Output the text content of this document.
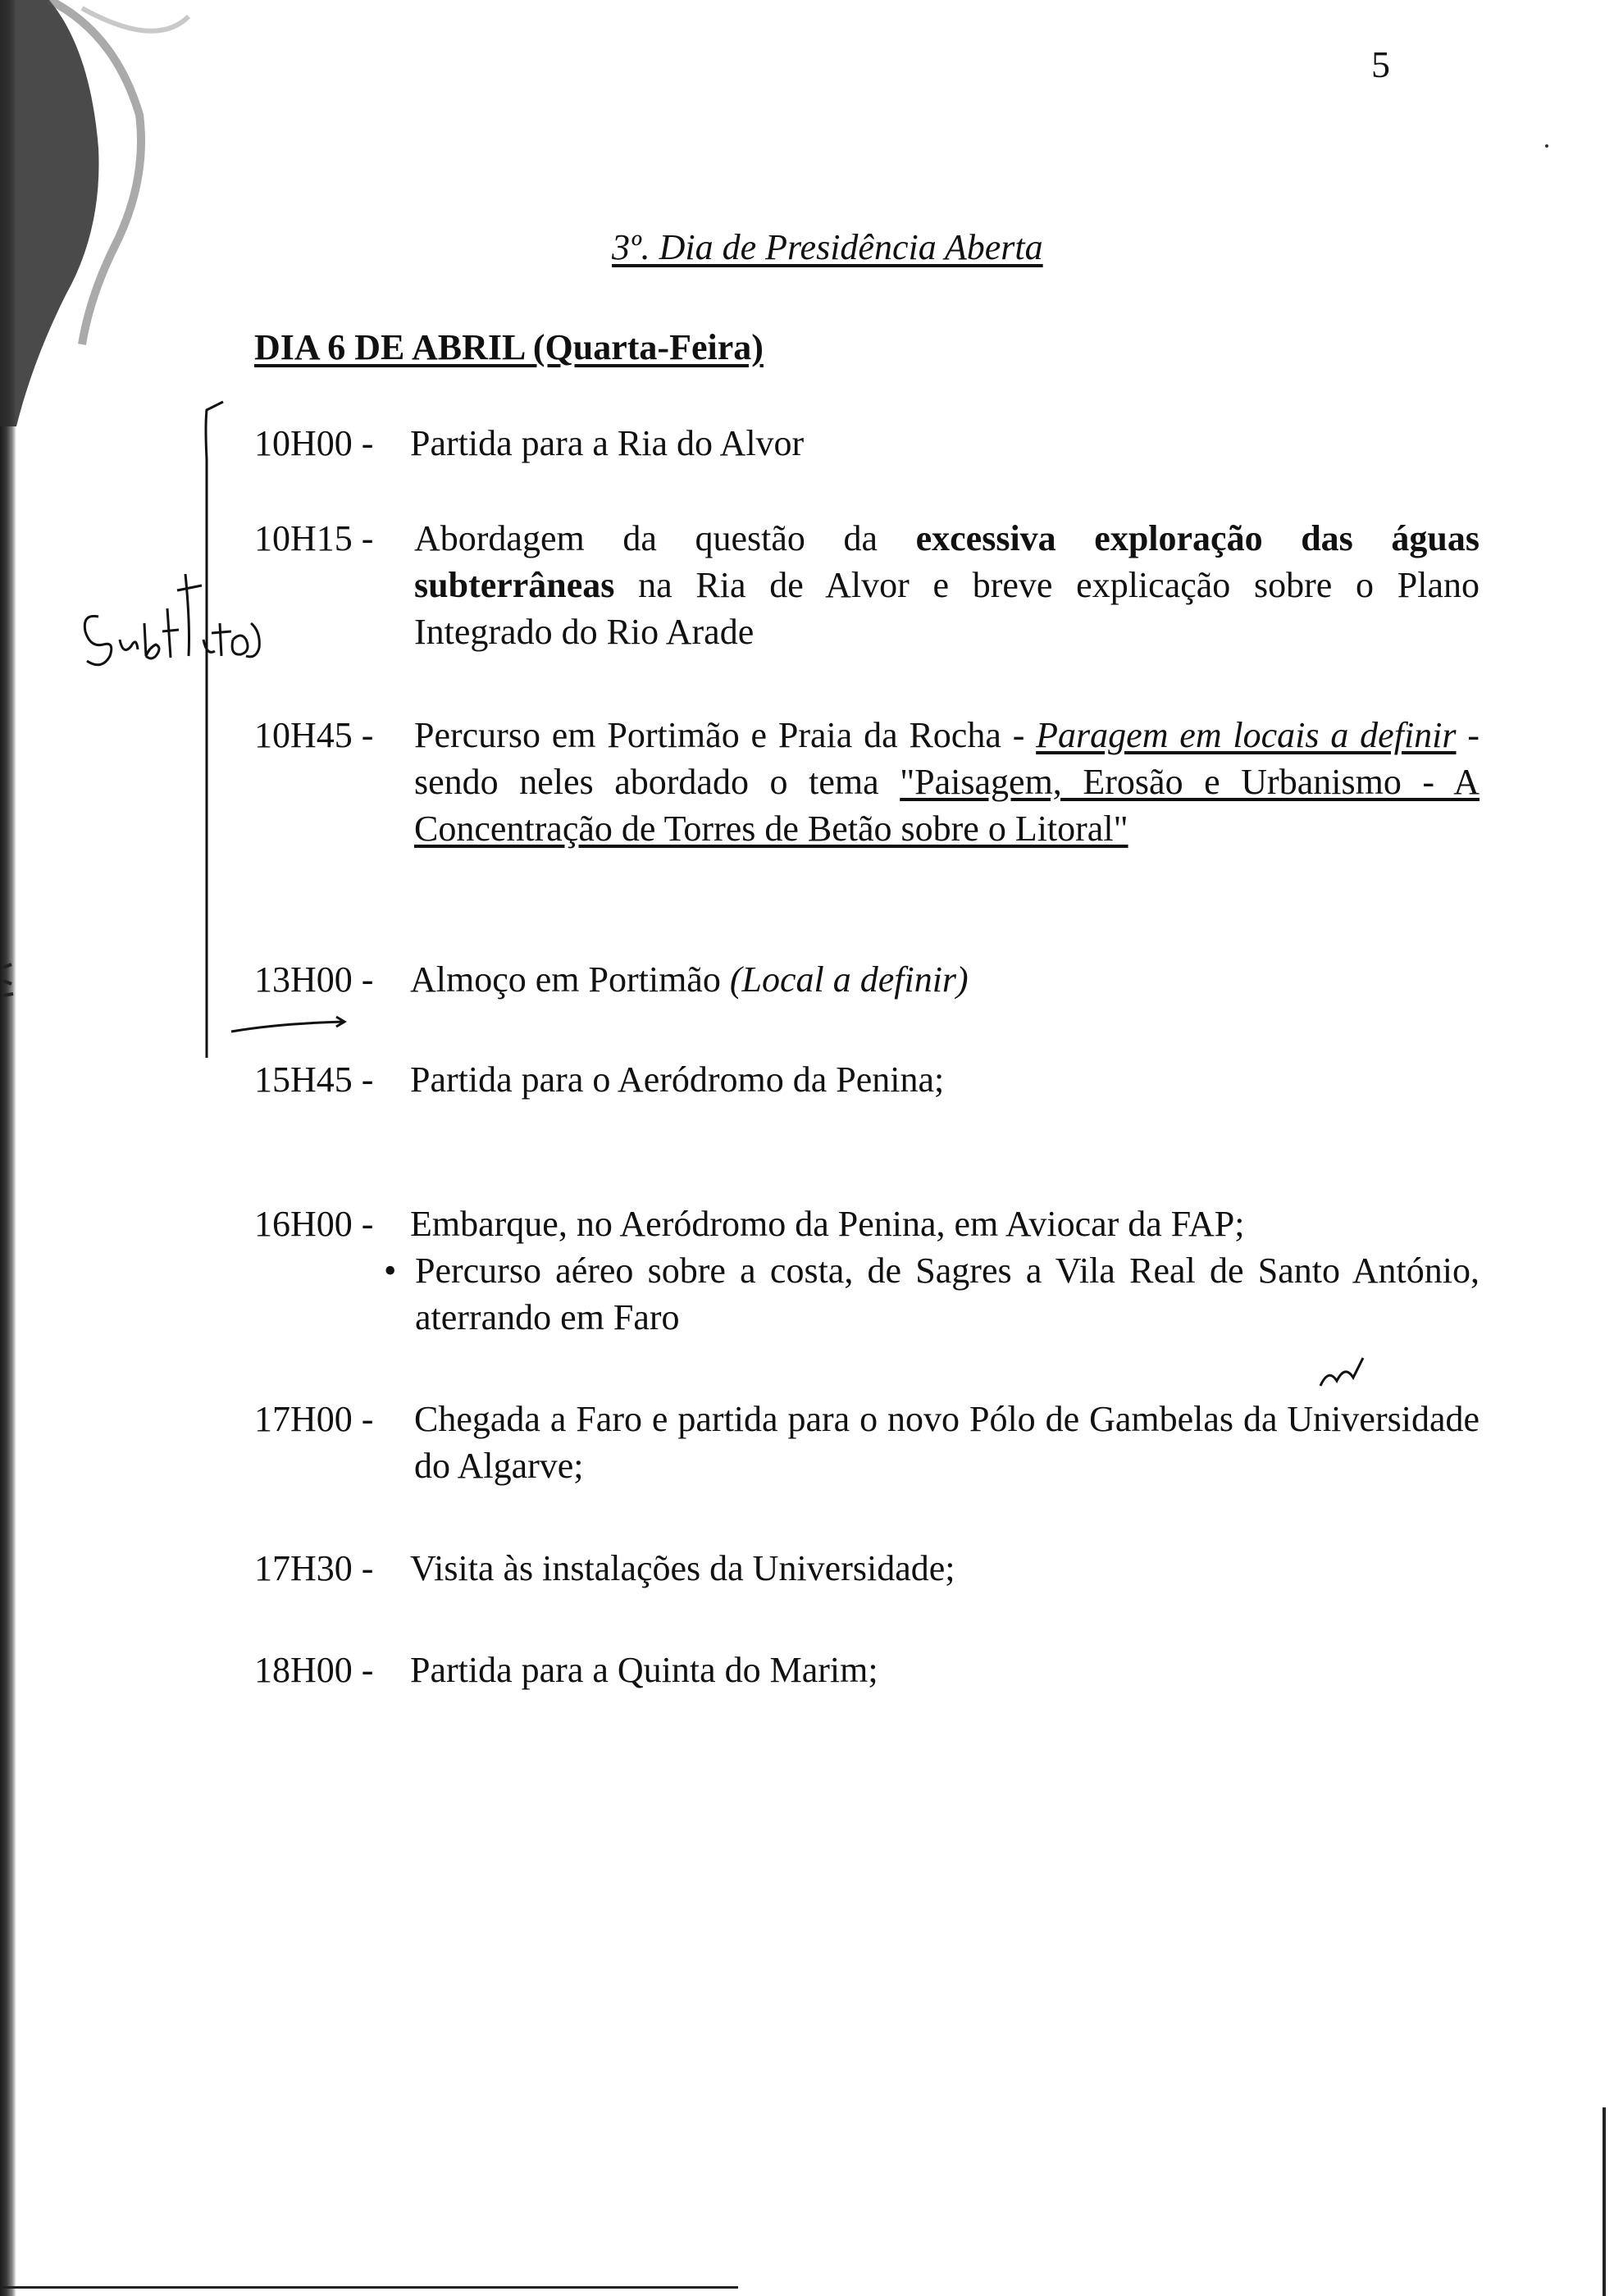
5
3º. Dia de Presidência Aberta
DIA 6 DE ABRIL (Quarta-Feira)
10H00 - Partida para a Ria do Alvor
10H15 - Abordagem da questão da excessiva exploração das águas subterrâneas na Ria de Alvor e breve explicação sobre o Plano Integrado do Rio Arade
10H45 - Percurso em Portimão e Praia da Rocha - Paragem em locais a definir - sendo neles abordado o tema "Paisagem, Erosão e Urbanismo - A Concentração de Torres de Betão sobre o Litoral"
13H00 - Almoço em Portimão (Local a definir)
15H45 - Partida para o Aeródromo da Penina;
16H00 - Embarque, no Aeródromo da Penina, em Aviocar da FAP;
• Percurso aéreo sobre a costa, de Sagres a Vila Real de Santo António, aterrando em Faro
17H00 - Chegada a Faro e partida para o novo Pólo de Gambelas da Universidade do Algarve;
17H30 - Visita às instalações da Universidade;
18H00 - Partida para a Quinta do Marim;
